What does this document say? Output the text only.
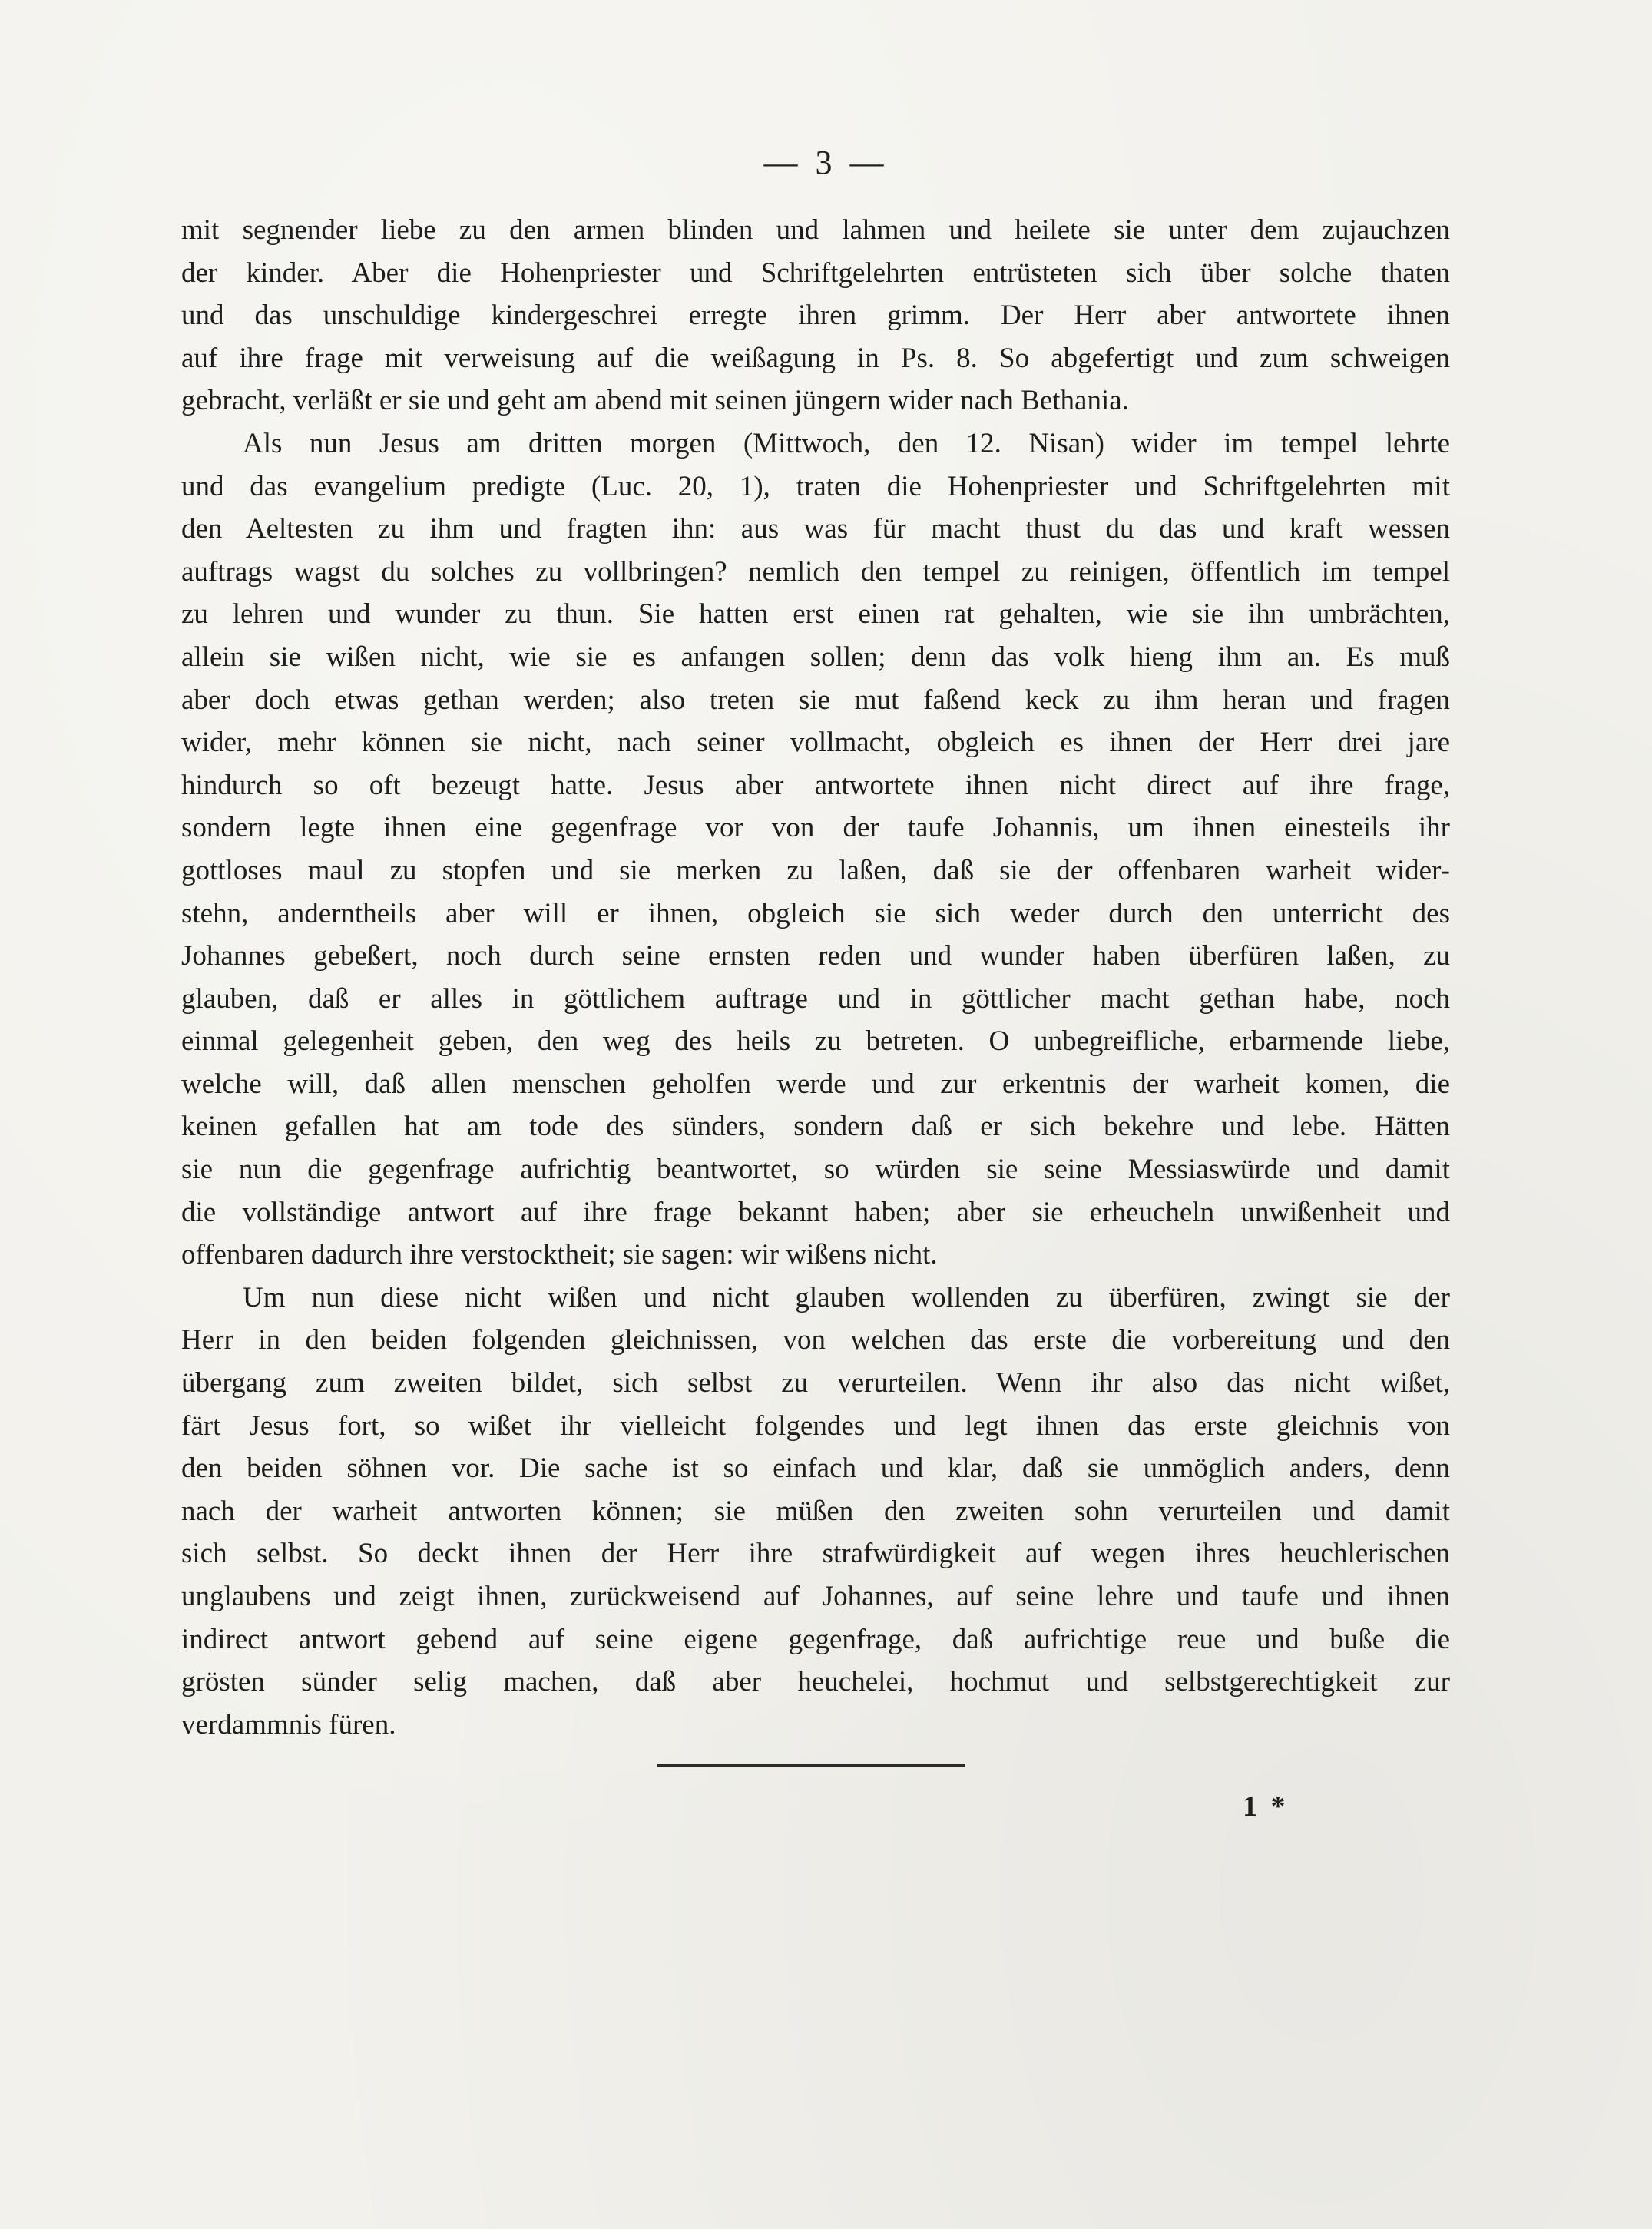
— 3 —
mit segnender liebe zu den armen blinden und lahmen und heilete sie unter dem zujauchzen
der kinder. Aber die Hohenpriester und Schriftgelehrten entrüsteten sich über solche thaten
und das unschuldige kindergeschrei erregte ihren grimm. Der Herr aber antwortete ihnen
auf ihre frage mit verweisung auf die weißagung in Ps. 8. So abgefertigt und zum schweigen
gebracht, verläßt er sie und geht am abend mit seinen jüngern wider nach Bethania.
Als nun Jesus am dritten morgen (Mittwoch, den 12. Nisan) wider im tempel lehrte
und das evangelium predigte (Luc. 20, 1), traten die Hohenpriester und Schriftgelehrten mit
den Aeltesten zu ihm und fragten ihn: aus was für macht thust du das und kraft wessen
auftrags wagst du solches zu vollbringen? nemlich den tempel zu reinigen, öffentlich im tempel
zu lehren und wunder zu thun. Sie hatten erst einen rat gehalten, wie sie ihn umbrächten,
allein sie wißen nicht, wie sie es anfangen sollen; denn das volk hieng ihm an. Es muß
aber doch etwas gethan werden; also treten sie mut faßend keck zu ihm heran und fragen
wider, mehr können sie nicht, nach seiner vollmacht, obgleich es ihnen der Herr drei jare
hindurch so oft bezeugt hatte. Jesus aber antwortete ihnen nicht direct auf ihre frage,
sondern legte ihnen eine gegenfrage vor von der taufe Johannis, um ihnen einesteils ihr
gottloses maul zu stopfen und sie merken zu laßen, daß sie der offenbaren warheit wider-
stehn, anderntheils aber will er ihnen, obgleich sie sich weder durch den unterricht des
Johannes gebeßert, noch durch seine ernsten reden und wunder haben überfüren laßen, zu
glauben, daß er alles in göttlichem auftrage und in göttlicher macht gethan habe, noch
einmal gelegenheit geben, den weg des heils zu betreten. O unbegreifliche, erbarmende liebe,
welche will, daß allen menschen geholfen werde und zur erkentnis der warheit komen, die
keinen gefallen hat am tode des sünders, sondern daß er sich bekehre und lebe. Hätten
sie nun die gegenfrage aufrichtig beantwortet, so würden sie seine Messiaswürde und damit
die vollständige antwort auf ihre frage bekannt haben; aber sie erheucheln unwißenheit und
offenbaren dadurch ihre verstocktheit; sie sagen: wir wißens nicht.
Um nun diese nicht wißen und nicht glauben wollenden zu überfüren, zwingt sie der
Herr in den beiden folgenden gleichnissen, von welchen das erste die vorbereitung und den
übergang zum zweiten bildet, sich selbst zu verurteilen. Wenn ihr also das nicht wißet,
färt Jesus fort, so wißet ihr vielleicht folgendes und legt ihnen das erste gleichnis von
den beiden söhnen vor. Die sache ist so einfach und klar, daß sie unmöglich anders, denn
nach der warheit antworten können; sie müßen den zweiten sohn verurteilen und damit
sich selbst. So deckt ihnen der Herr ihre strafwürdigkeit auf wegen ihres heuchlerischen
unglaubens und zeigt ihnen, zurückweisend auf Johannes, auf seine lehre und taufe und ihnen
indirect antwort gebend auf seine eigene gegenfrage, daß aufrichtige reue und buße die
grösten sünder selig machen, daß aber heuchelei, hochmut und selbstgerechtigkeit zur
verdammnis füren.
1 *
